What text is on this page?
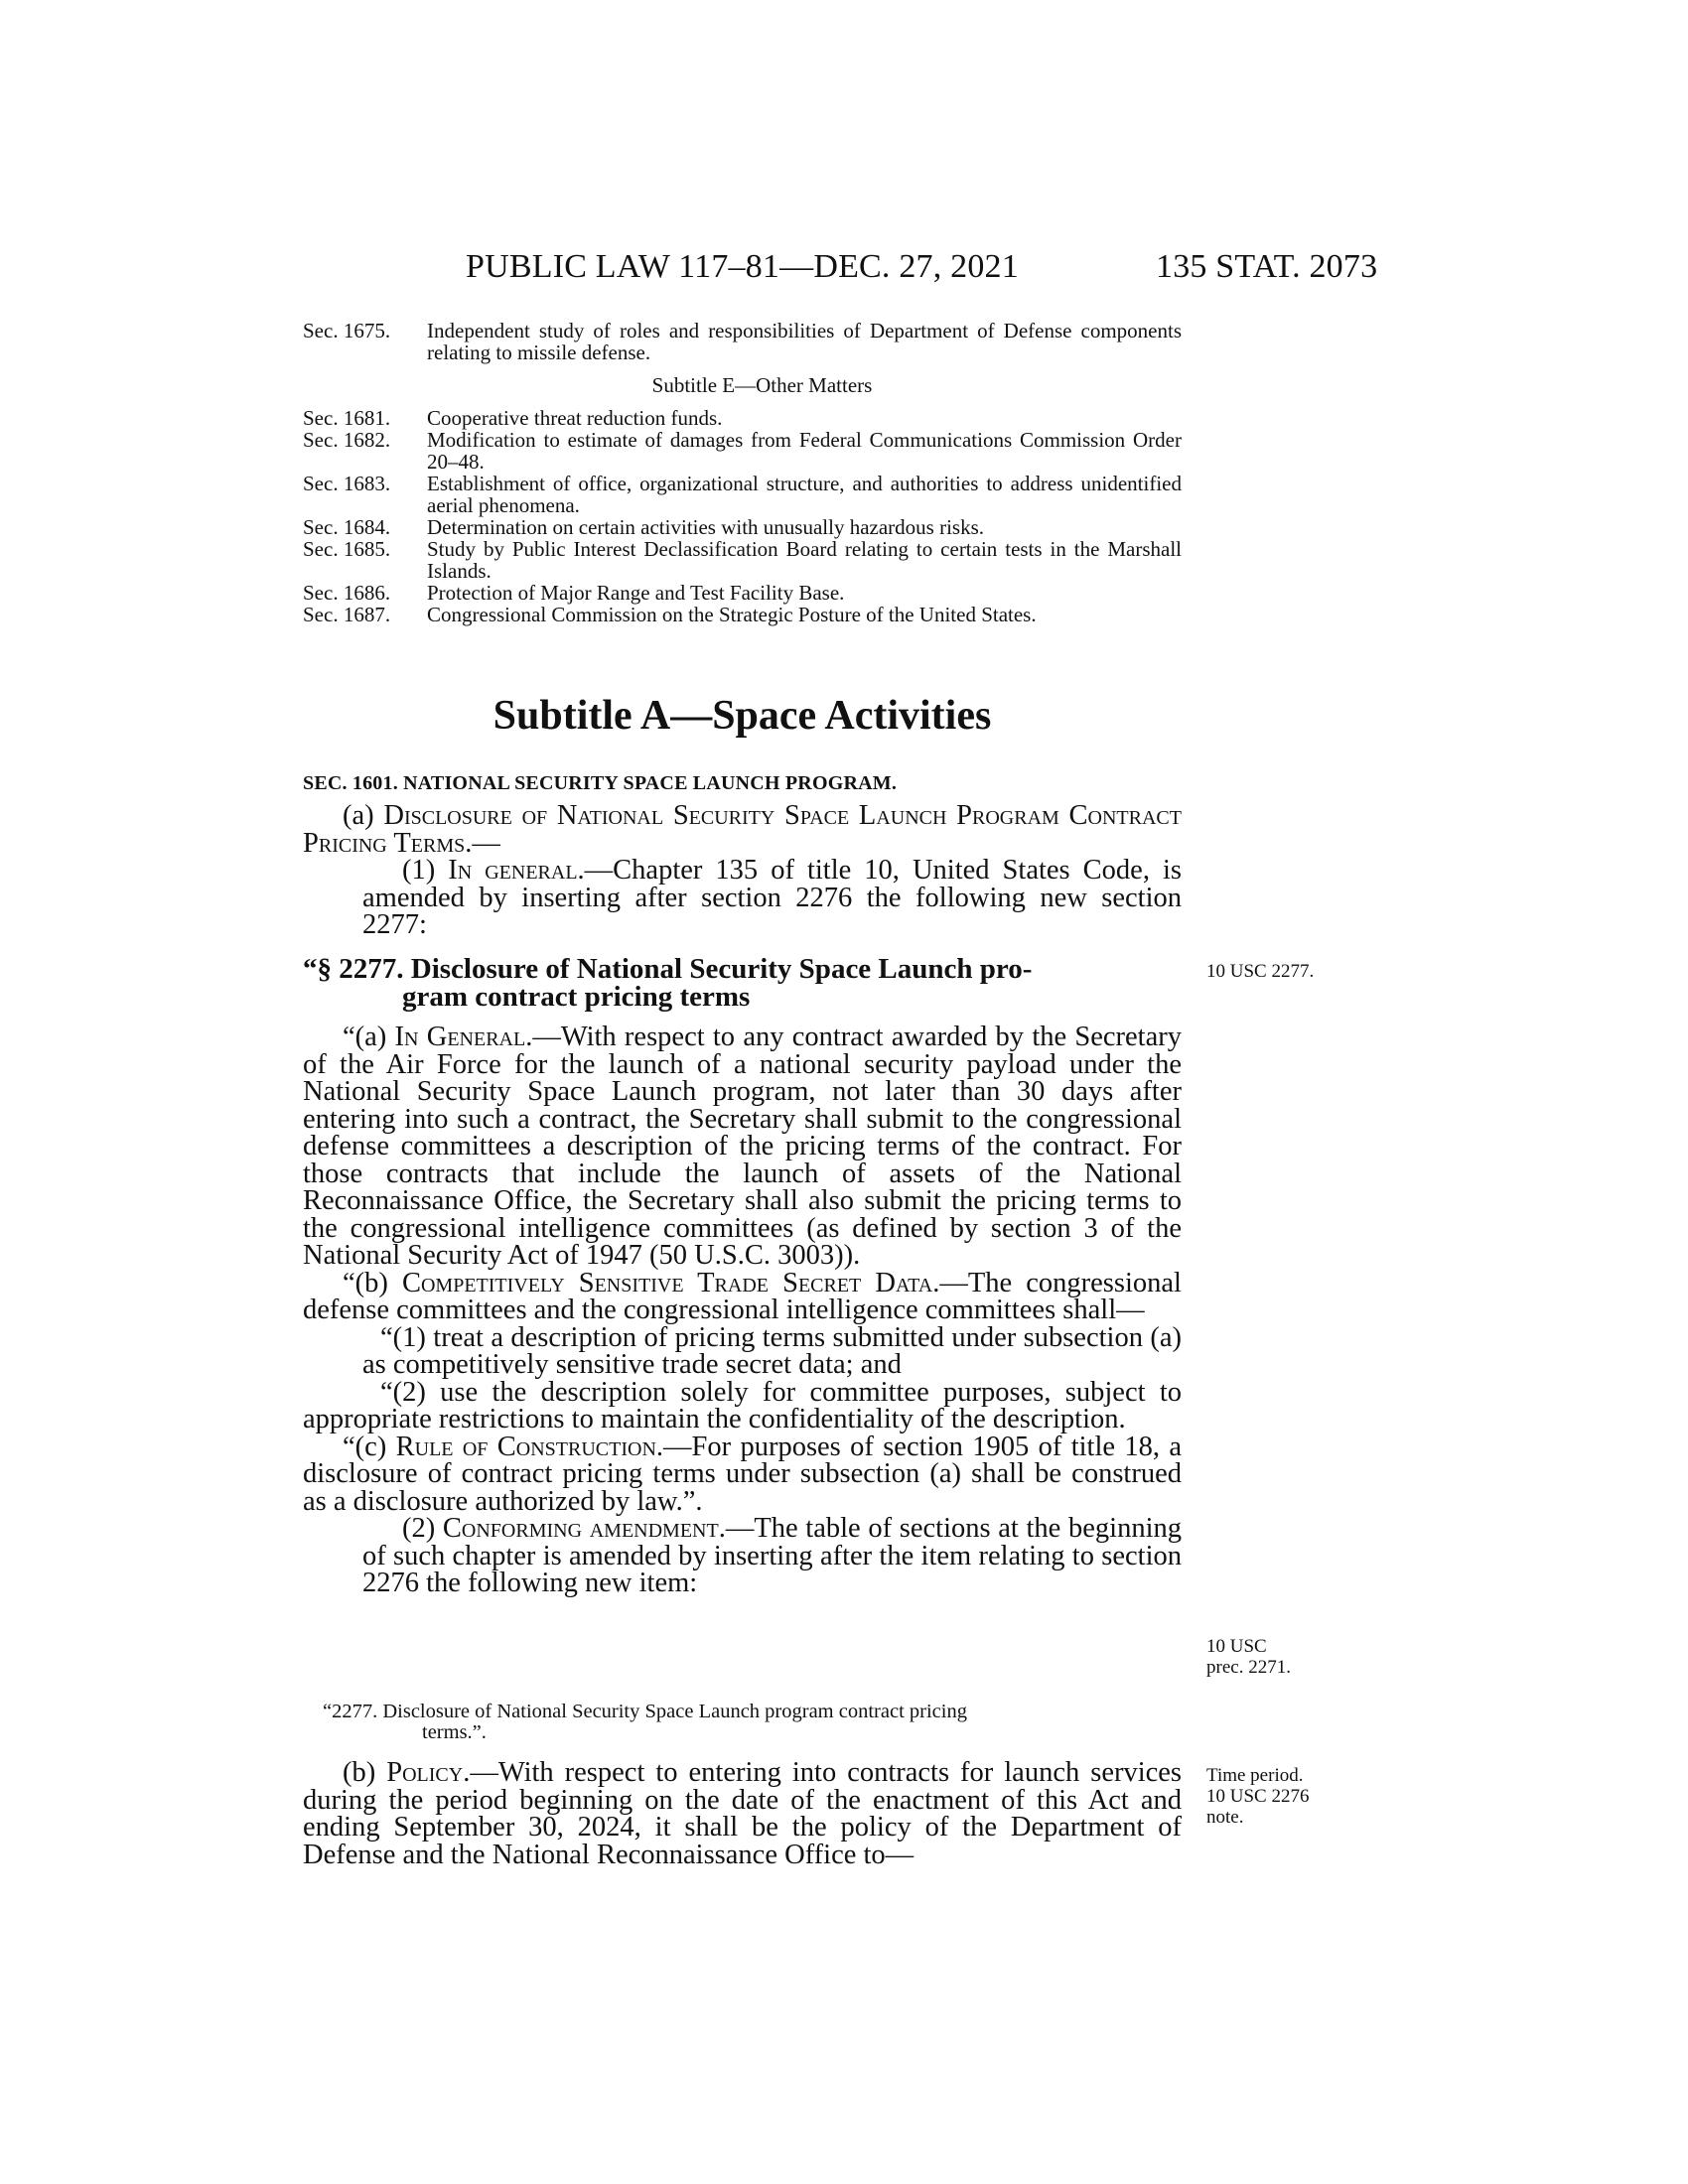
PUBLIC LAW 117–81—DEC. 27, 2021	135 STAT. 2073
Sec. 1675.	Independent study of roles and responsibilities of Department of Defense components relating to missile defense.
Subtitle E—Other Matters
Sec. 1681.	Cooperative threat reduction funds.
Sec. 1682.	Modification to estimate of damages from Federal Communications Commission Order 20–48.
Sec. 1683.	Establishment of office, organizational structure, and authorities to address unidentified aerial phenomena.
Sec. 1684.	Determination on certain activities with unusually hazardous risks.
Sec. 1685.	Study by Public Interest Declassification Board relating to certain tests in the Marshall Islands.
Sec. 1686.	Protection of Major Range and Test Facility Base.
Sec. 1687.	Congressional Commission on the Strategic Posture of the United States.
Subtitle A—Space Activities
SEC. 1601. NATIONAL SECURITY SPACE LAUNCH PROGRAM.

(a) Disclosure of National Security Space Launch Program Contract Pricing Terms.—

(1) In general.—Chapter 135 of title 10, United States Code, is amended by inserting after section 2276 the following new section 2277:

“§ 2277. Disclosure of National Security Space Launch pro-
gram contract pricing terms

“(a) In General.—With respect to any contract awarded by the Secretary of the Air Force for the launch of a national security payload under the National Security Space Launch program, not later than 30 days after entering into such a contract, the Secretary shall submit to the congressional defense committees a description of the pricing terms of the contract. For those contracts that include the launch of assets of the National Reconnaissance Office, the Secretary shall also submit the pricing terms to the congressional intelligence committees (as defined by section 3 of the National Security Act of 1947 (50 U.S.C. 3003)).

“(b) Competitively Sensitive Trade Secret Data.—The congressional defense committees and the congressional intelligence committees shall—

“(1) treat a description of pricing terms submitted under subsection (a) as competitively sensitive trade secret data; and

“(2) use the description solely for committee purposes, subject to appropriate restrictions to maintain the confidentiality of the description.

“(c) Rule of Construction.—For purposes of section 1905 of title 18, a disclosure of contract pricing terms under subsection (a) shall be construed as a disclosure authorized by law.”.

(2) Conforming amendment.—The table of sections at the beginning of such chapter is amended by inserting after the item relating to section 2276 the following new item:

“2277. Disclosure of National Security Space Launch program contract pricing
terms.”.

(b) Policy.—With respect to entering into contracts for launch services during the period beginning on the date of the enactment of this Act and ending September 30, 2024, it shall be the policy of the Department of Defense and the National Reconnaissance Office to—

10 USC 2277.
10 USC
prec. 2271.
Time period.
10 USC 2276
note.
